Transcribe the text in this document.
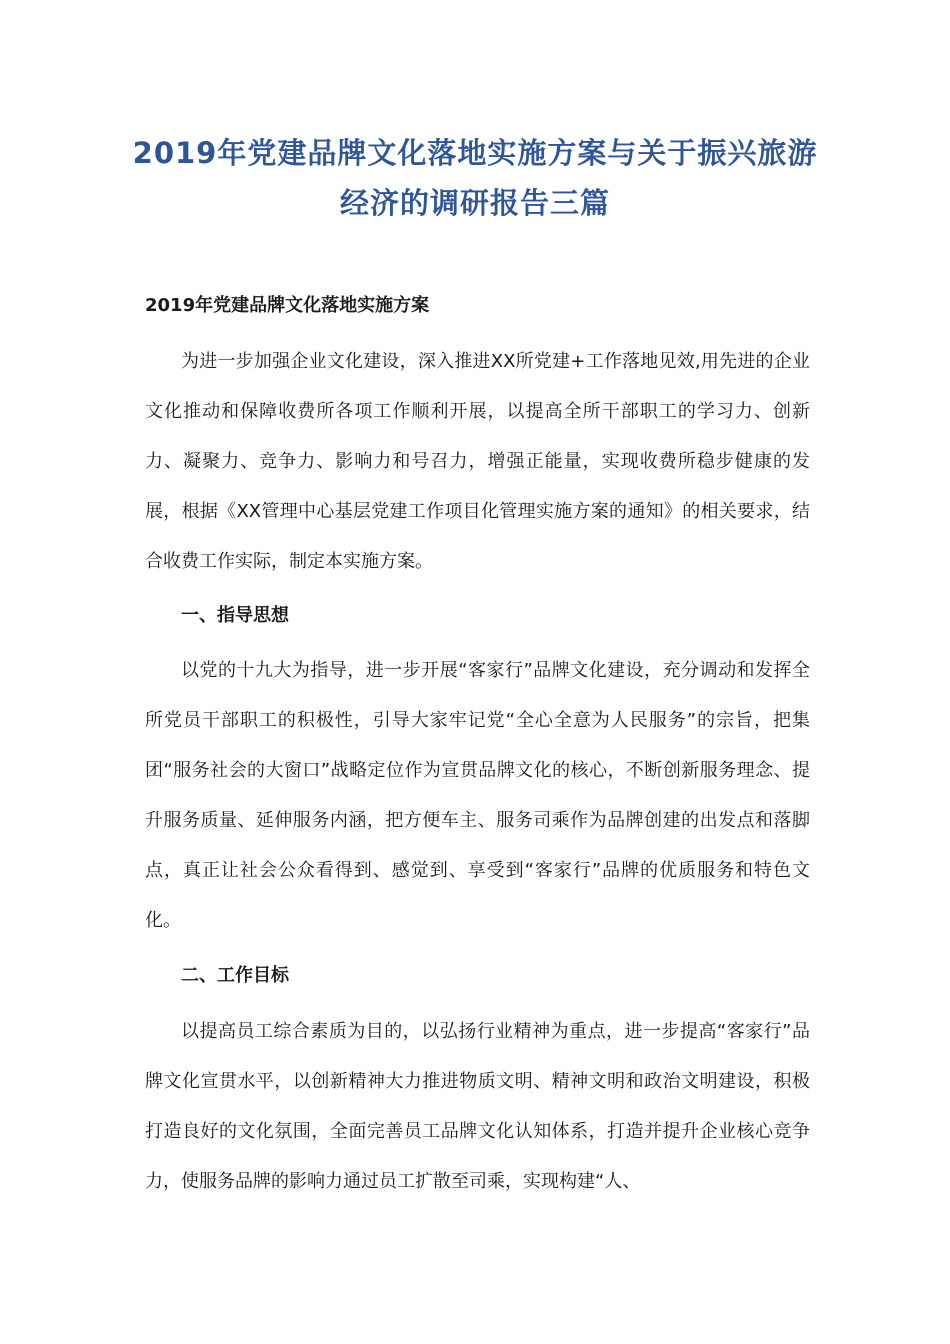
2019年党建品牌文化落地实施方案与关于振兴旅游经济的调研报告三篇
2019年党建品牌文化落地实施方案

为进一步加强企业文化建设，深入推进XX所党建+工作落地见效,用先进的企业文化推动和保障收费所各项工作顺利开展，以提高全所干部职工的学习力、创新力、凝聚力、竞争力、影响力和号召力，增强正能量，实现收费所稳步健康的发展，根据《XX管理中心基层党建工作项目化管理实施方案的通知》的相关要求，结合收费工作实际，制定本实施方案。

一、指导思想

以党的十九大为指导，进一步开展“客家行”品牌文化建设，充分调动和发挥全所党员干部职工的积极性，引导大家牢记党“全心全意为人民服务”的宗旨，把集团“服务社会的大窗口”战略定位作为宣贯品牌文化的核心，不断创新服务理念、提升服务质量、延伸服务内涵，把方便车主、服务司乘作为品牌创建的出发点和落脚点，真正让社会公众看得到、感觉到、享受到“客家行”品牌的优质服务和特色文化。

二、工作目标

以提高员工综合素质为目的，以弘扬行业精神为重点，进一步提高“客家行”品牌文化宣贯水平，以创新精神大力推进物质文明、精神文明和政治文明建设，积极打造良好的文化氛围，全面完善员工品牌文化认知体系，打造并提升企业核心竞争力，使服务品牌的影响力通过员工扩散至司乘，实现构建“人、
